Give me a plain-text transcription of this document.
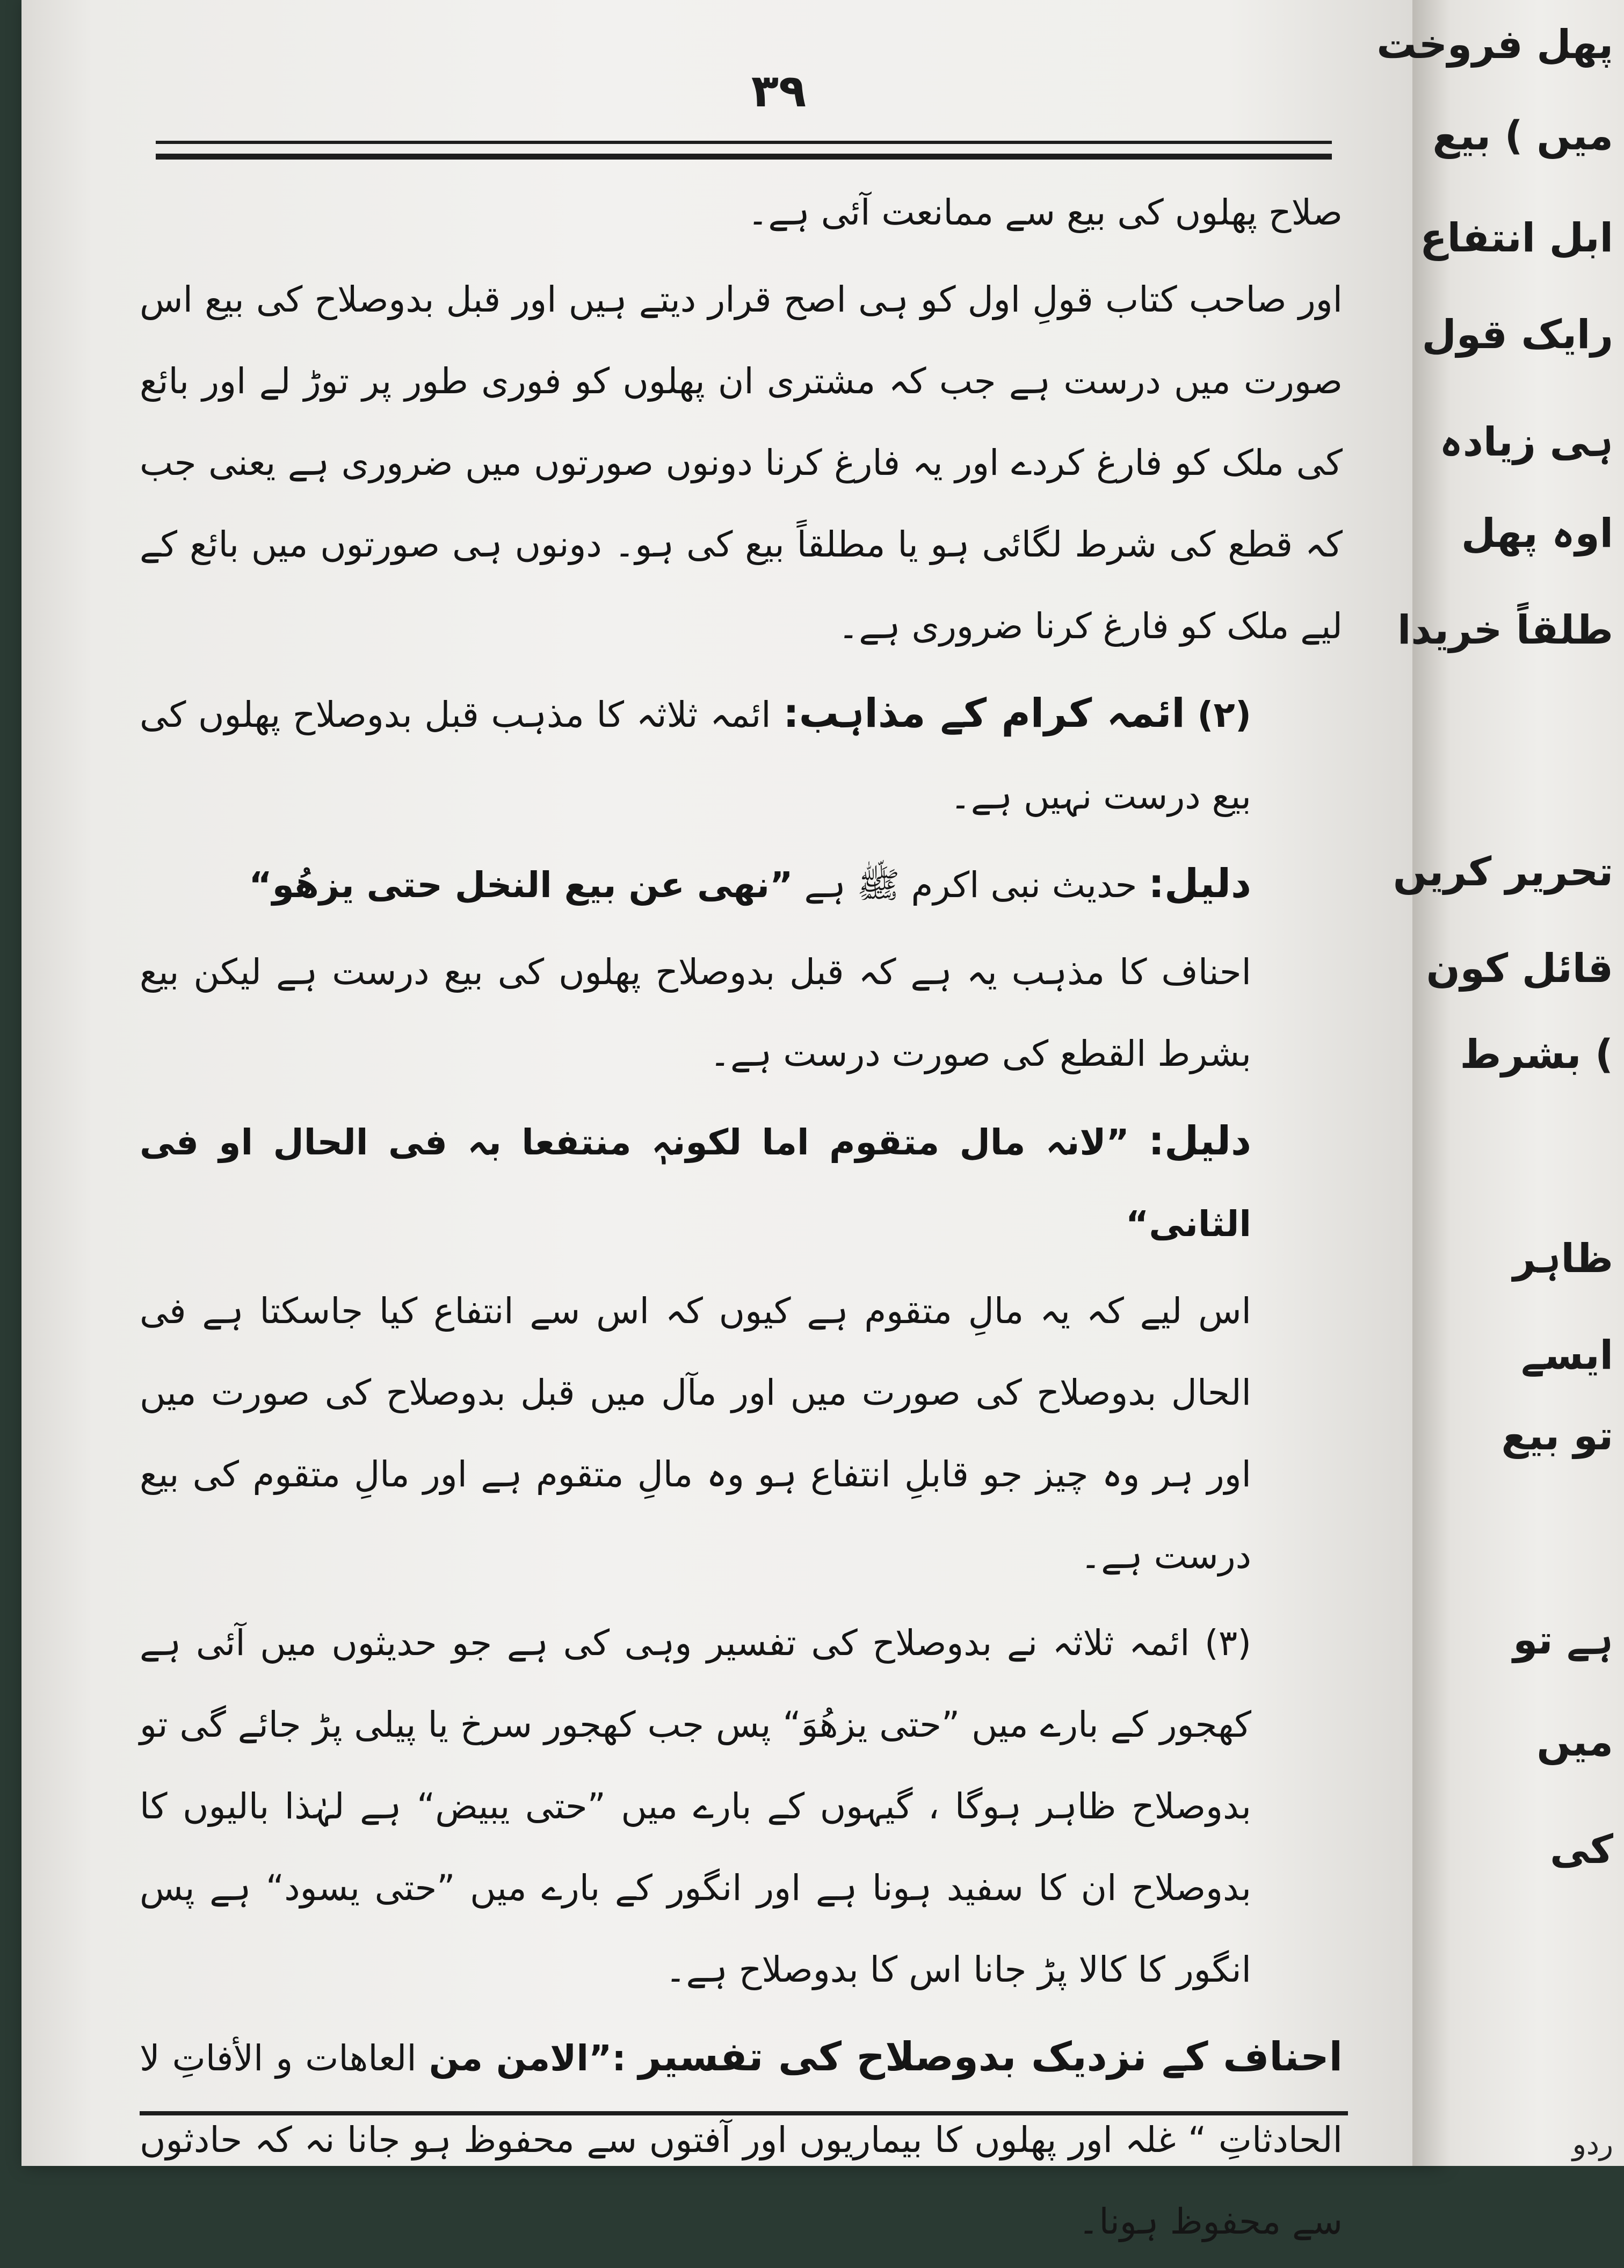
پھل فروخت
میں ) بیع
ابل انتفاع
رایک قول
ہی زیادہ
اوہ پھل
طلقاً خریدا
تحریر کریں
قائل کون
) بشرط
ظاہر
ایسے
تو بیع
ہے تو
میں
کی
ردو
۳۹

صلاح پھلوں کی بیع سے ممانعت آئی ہے۔

اور صاحب کتاب قولِ اول کو ہی اصح قرار دیتے ہیں اور قبل بدوصلاح کی بیع اس صورت میں درست ہے جب کہ مشتری ان پھلوں کو فوری طور پر توڑ لے اور بائع کی ملک کو فارغ کردے اور یہ فارغ کرنا دونوں صورتوں میں ضروری ہے یعنی جب کہ قطع کی شرط لگائی ہو یا مطلقاً بیع کی ہو۔ دونوں ہی صورتوں میں بائع کے لیے ملک کو فارغ کرنا ضروری ہے۔

(۲) ائمہ کرام کے مذاہب: ائمہ ثلاثہ کا مذہب قبل بدوصلاح پھلوں کی بیع درست نہیں ہے۔

دلیل: حدیث نبی اکرم ﷺ ہے ”نھی عن بیع النخل حتی یزھُو“

احناف کا مذہب یہ ہے کہ قبل بدوصلاح پھلوں کی بیع درست ہے لیکن بیع بشرط القطع کی صورت درست ہے۔

دلیل: ”لانہ مال متقوم اما لکونہٖ منتفعا بہ فی الحال او فی الثانی“

اس لیے کہ یہ مالِ متقوم ہے کیوں کہ اس سے انتفاع کیا جاسکتا ہے فی الحال بدوصلاح کی صورت میں اور مآل میں قبل بدوصلاح کی صورت میں اور ہر وہ چیز جو قابلِ انتفاع ہو وہ مالِ متقوم ہے اور مالِ متقوم کی بیع درست ہے۔

(۳) ائمہ ثلاثہ نے بدوصلاح کی تفسیر وہی کی ہے جو حدیثوں میں آئی ہے کھجور کے بارے میں ”حتی یزھُوَ“ پس جب کھجور سرخ یا پیلی پڑ جائے گی تو بدوصلاح ظاہر ہوگا ، گیہوں کے بارے میں ”حتی یبیض“ ہے لہٰذا بالیوں کا بدوصلاح ان کا سفید ہونا ہے اور انگور کے بارے میں ”حتی یسود“ ہے پس انگور کا کالا پڑ جانا اس کا بدوصلاح ہے۔

احناف کے نزدیک بدوصلاح کی تفسیر :”الامن من العاھات و الأفاتِ لا الحادثاتِ “ غلہ اور پھلوں کا بیماریوں اور آفتوں سے محفوظ ہو جانا نہ کہ حادثوں سے محفوظ ہونا۔
